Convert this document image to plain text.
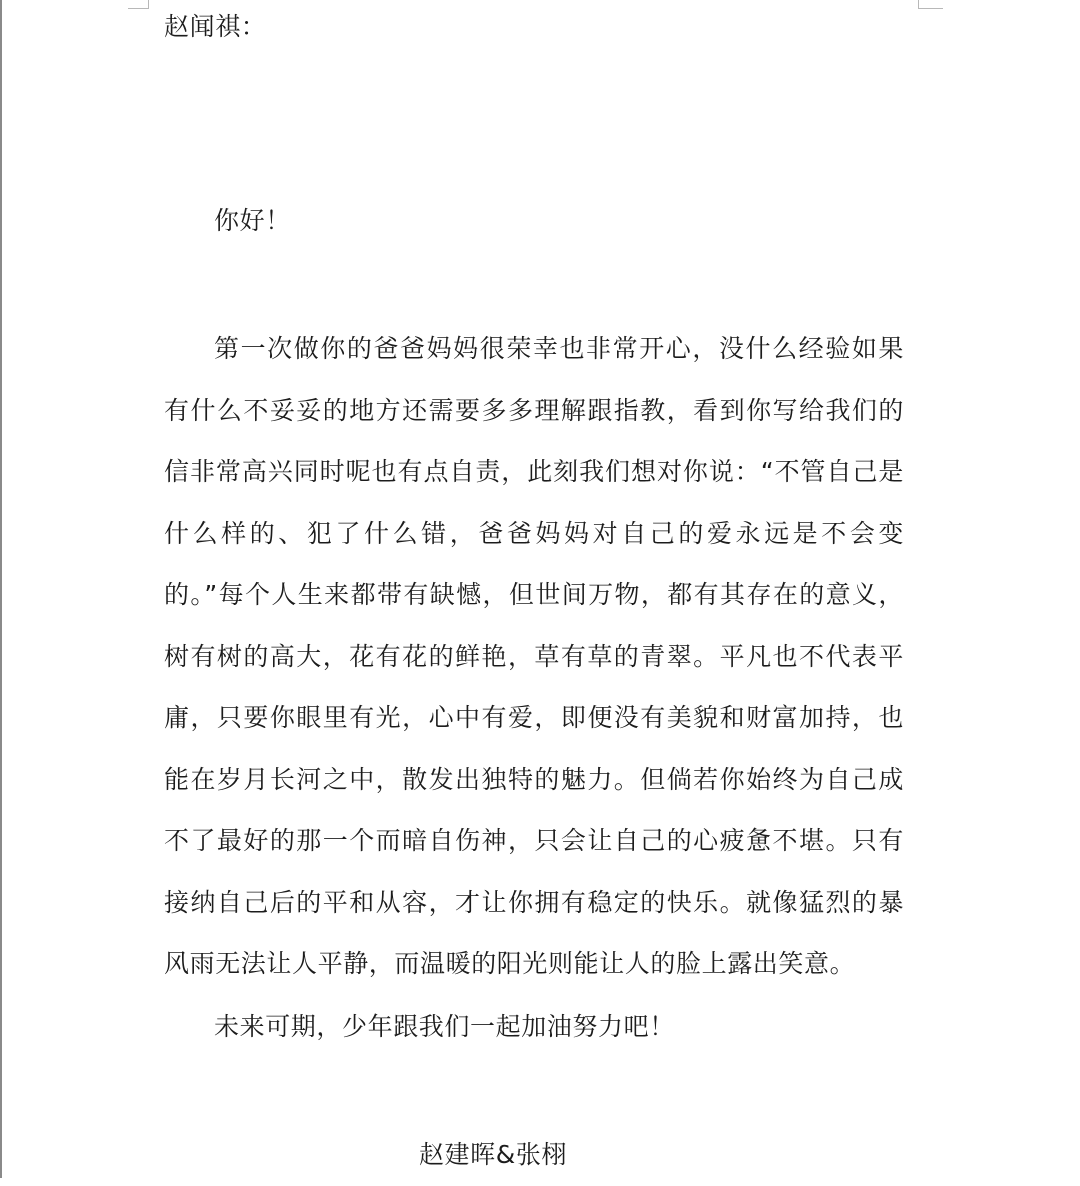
赵闻祺：
你好！
第一次做你的爸爸妈妈很荣幸也非常开心，没什么经验如果有什么不妥妥的地方还需要多多理解跟指教，看到你写给我们的信非常高兴同时呢也有点自责，此刻我们想对你说：“不管自己是什么样的、犯了什么错，爸爸妈妈对自己的爱永远是不会变的。”每个人生来都带有缺憾，但世间万物，都有其存在的意义，树有树的高大，花有花的鲜艳，草有草的青翠。平凡也不代表平庸，只要你眼里有光，心中有爱，即便没有美貌和财富加持，也能在岁月长河之中，散发出独特的魅力。但倘若你始终为自己成不了最好的那一个而暗自伤神，只会让自己的心疲惫不堪。只有接纳自己后的平和从容，才让你拥有稳定的快乐。就像猛烈的暴风雨无法让人平静，而温暖的阳光则能让人的脸上露出笑意。
未来可期，少年跟我们一起加油努力吧！
赵建晖&张栩
